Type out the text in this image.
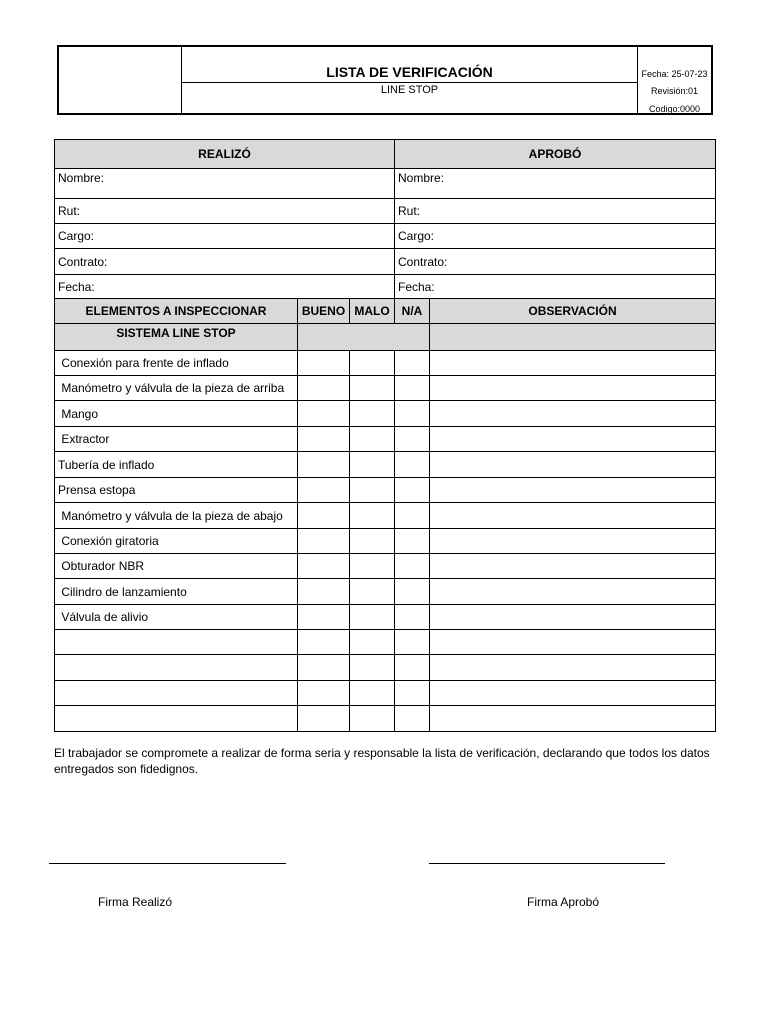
LISTA DE VERIFICACIÓN
LINE STOP
Fecha: 25-07-23
Revisión:01
Codigo:0000
REALIZÓ	APROBÓ
Nombre:	Nombre:
Rut:	Rut:
Cargo:	Cargo:
Contrato:	Contrato:
Fecha:	Fecha:
ELEMENTOS A INSPECCIONAR	BUENO	MALO	N/A	OBSERVACIÓN
SISTEMA LINE STOP				
Conexión para frente de inflado				
Manómetro y válvula de la pieza de arriba				
Mango				
Extractor				
Tubería de inflado				
Prensa estopa				
Manómetro y válvula de la pieza de abajo				
Conexión giratoria				
Obturador NBR				
Cilindro de lanzamiento				
Válvula de alivio				

El trabajador se compromete a realizar de forma seria y responsable la lista de verificación, declarando que todos los datos entregados son fidedignos.
Firma Realizó	Firma Aprobó
